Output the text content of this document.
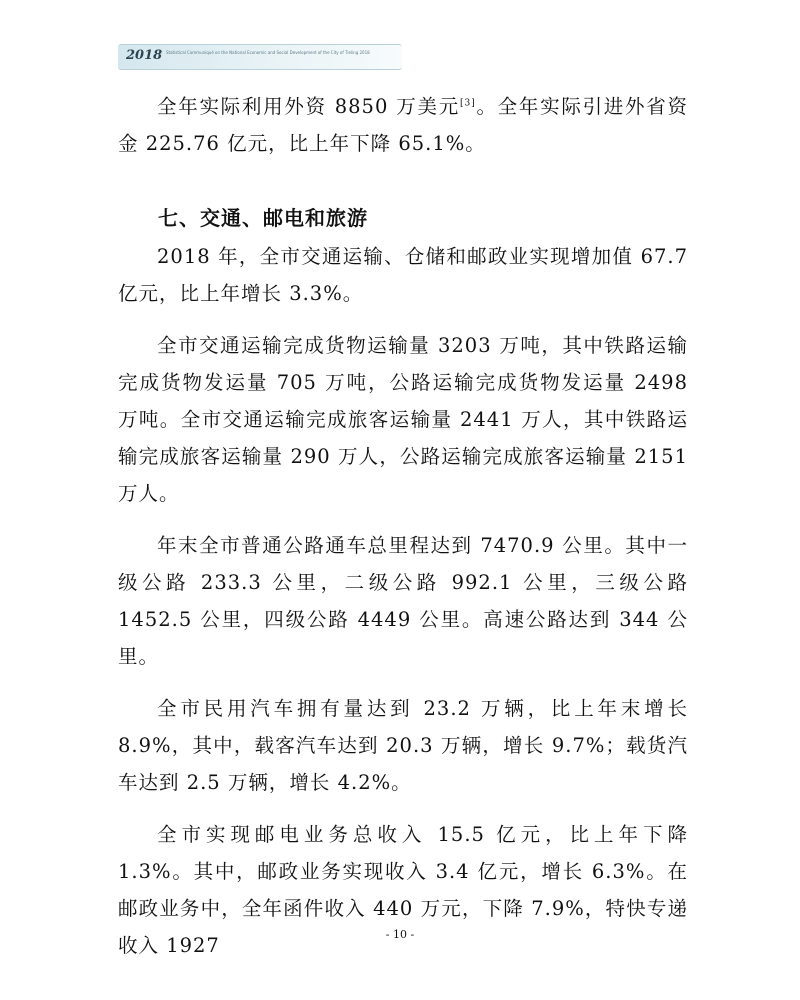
2018 Statistical Communiqué on the National Economic and Social Development of the City of Tieling 2018

全年实际利用外资 8850 万美元[3]。全年实际引进外省资金 225.76 亿元，比上年下降 65.1%。

七、交通、邮电和旅游

2018 年，全市交通运输、仓储和邮政业实现增加值 67.7 亿元，比上年增长 3.3%。

全市交通运输完成货物运输量 3203 万吨，其中铁路运输完成货物发运量 705 万吨，公路运输完成货物发运量 2498 万吨。全市交通运输完成旅客运输量 2441 万人，其中铁路运输完成旅客运输量 290 万人，公路运输完成旅客运输量 2151 万人。

年末全市普通公路通车总里程达到 7470.9 公里。其中一级公路 233.3 公里，二级公路 992.1 公里，三级公路 1452.5 公里，四级公路 4449 公里。高速公路达到 344 公里。

全市民用汽车拥有量达到 23.2 万辆，比上年末增长 8.9%，其中，载客汽车达到 20.3 万辆，增长 9.7%；载货汽车达到 2.5 万辆，增长 4.2%。

全市实现邮电业务总收入 15.5 亿元，比上年下降 1.3%。其中，邮政业务实现收入 3.4 亿元，增长 6.3%。在邮政业务中，全年函件收入 440 万元，下降 7.9%，特快专递收入 1927	- 10 -
